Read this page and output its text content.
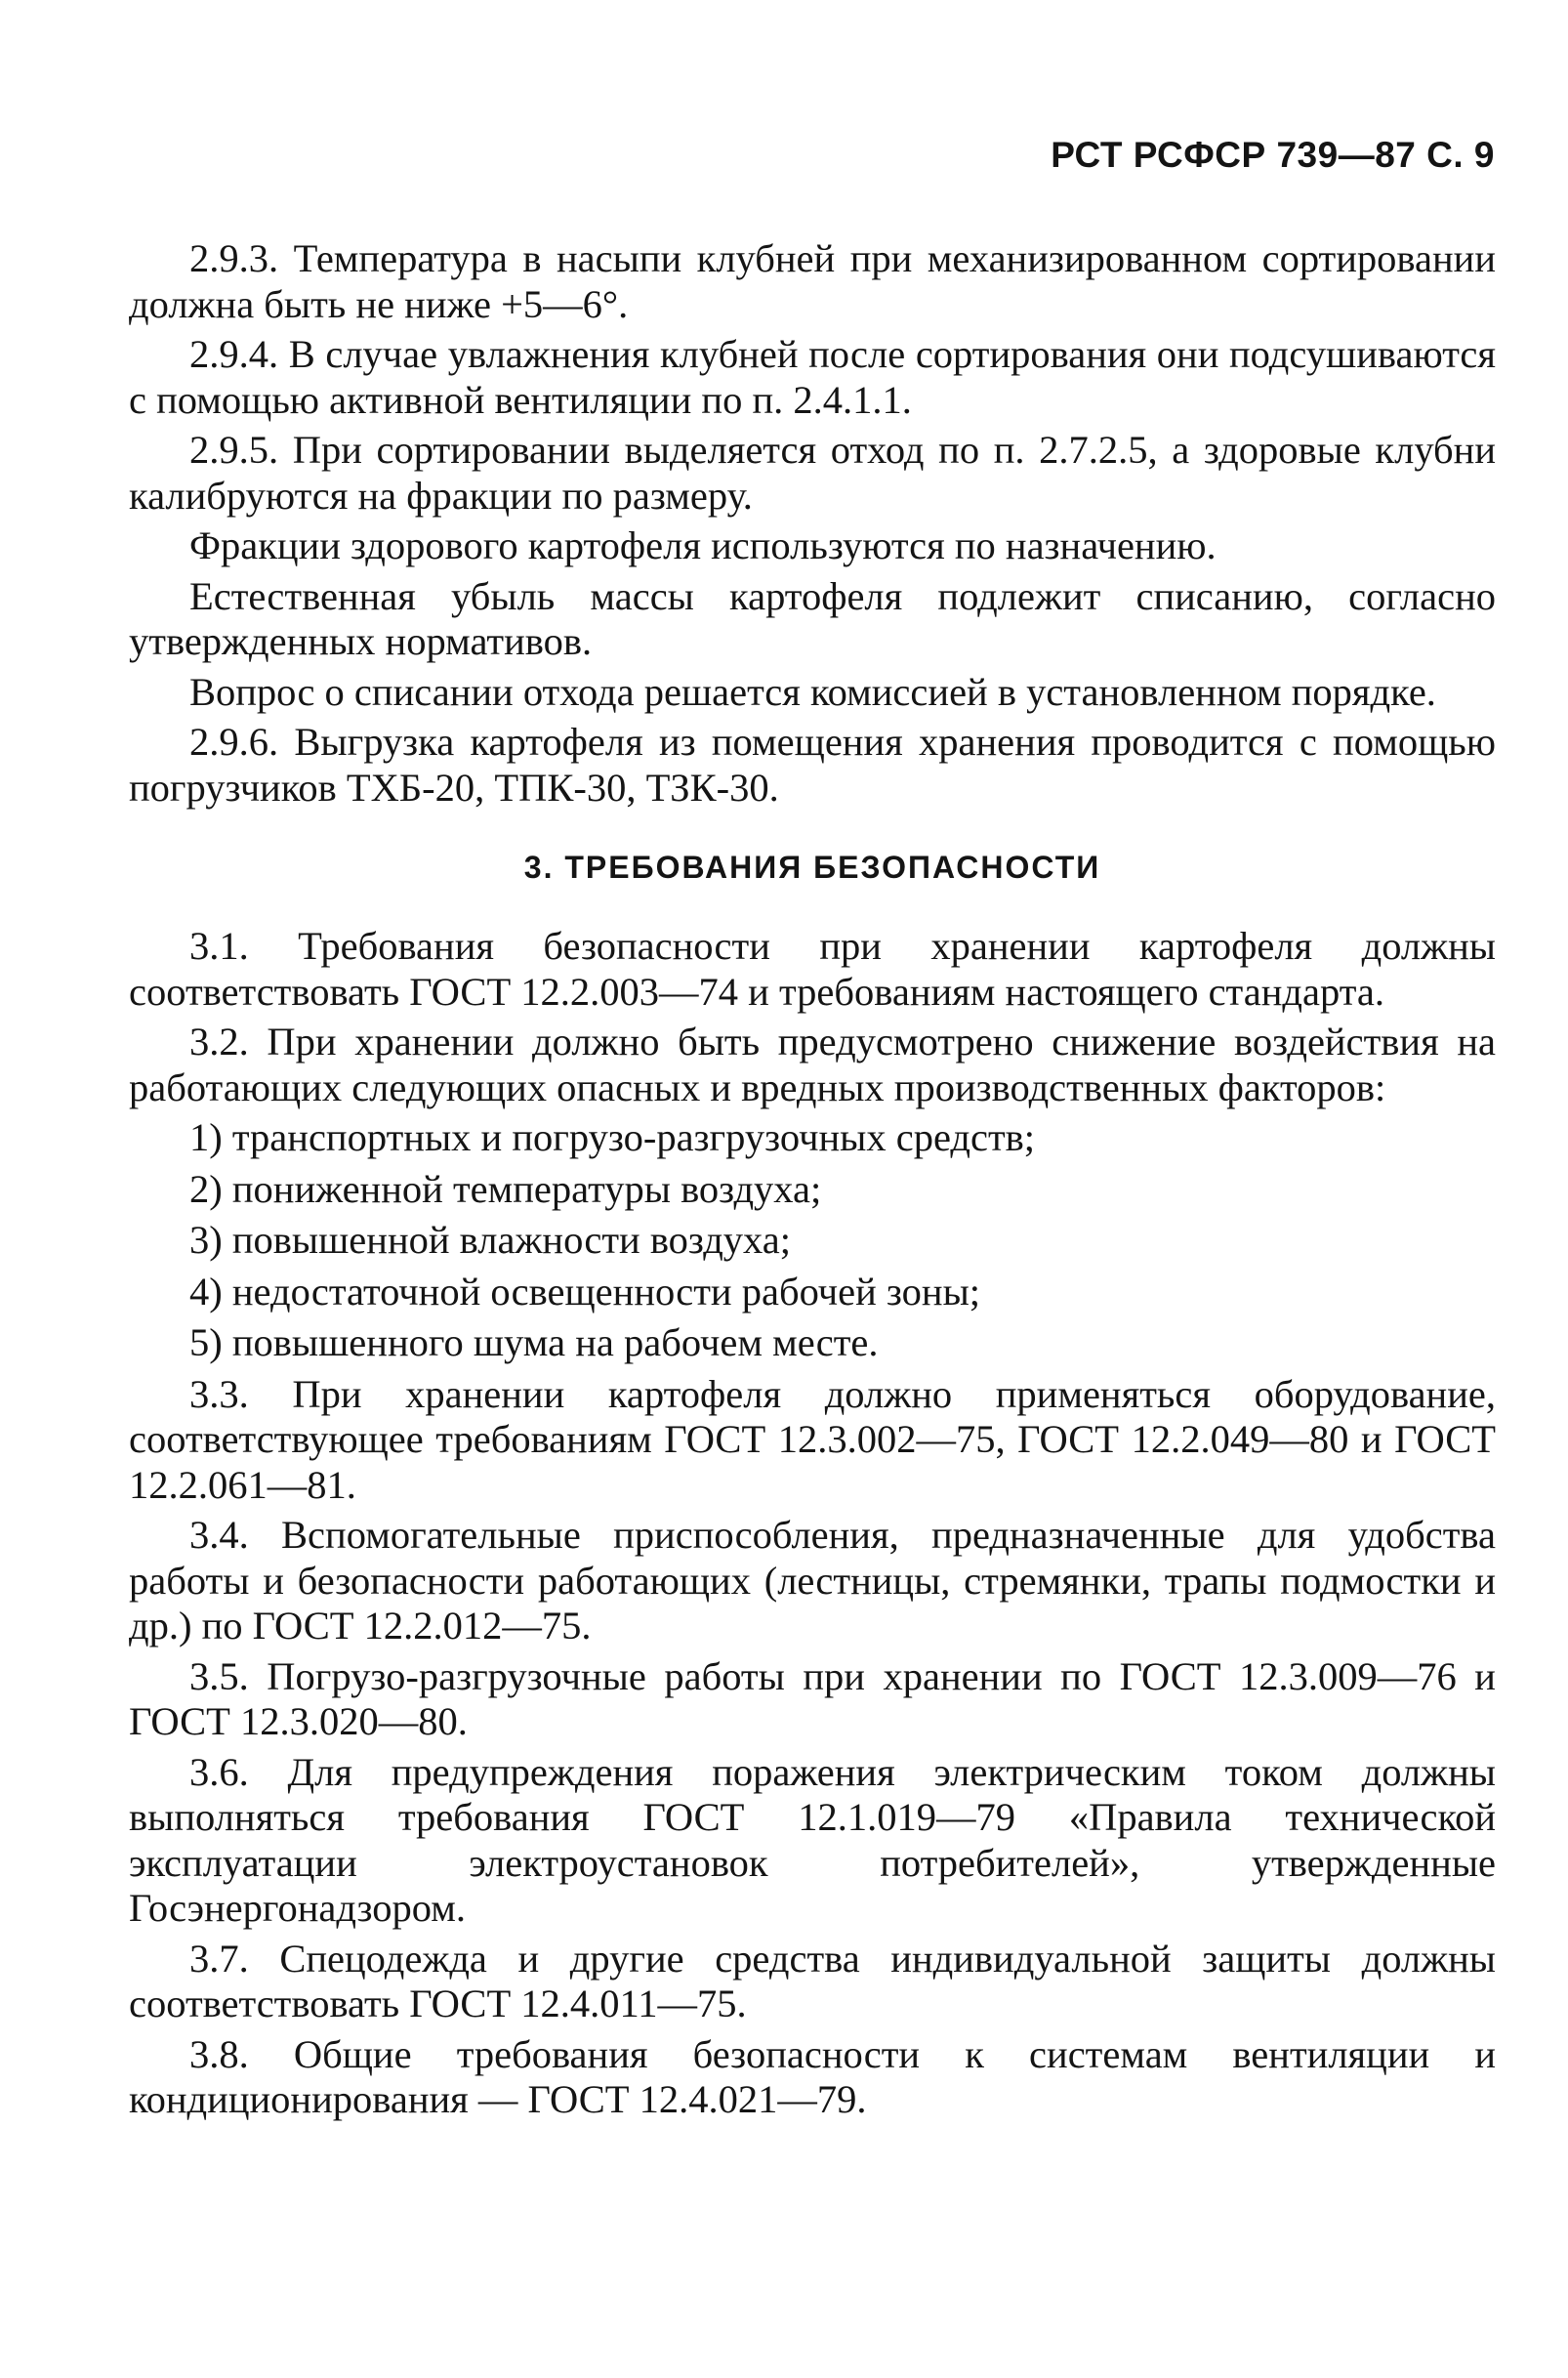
РСТ РСФСР 739—87 С. 9

2.9.3. Температура в насыпи клубней при механизированном сортировании должна быть не ниже +5—6°.

2.9.4. В случае увлажнения клубней после сортирования они подсушиваются с помощью активной вентиляции по п. 2.4.1.1.

2.9.5. При сортировании выделяется отход по п. 2.7.2.5, а здоровые клубни калибруются на фракции по размеру.

Фракции здорового картофеля используются по назначению.

Естественная убыль массы картофеля подлежит списанию, согласно утвержденных нормативов.

Вопрос о списании отхода решается комиссией в установленном порядке.

2.9.6. Выгрузка картофеля из помещения хранения проводится с помощью погрузчиков ТХБ-20, ТПК-30, ТЗК-30.

3. ТРЕБОВАНИЯ БЕЗОПАСНОСТИ

3.1. Требования безопасности при хранении картофеля должны соответствовать ГОСТ 12.2.003—74 и требованиям настоящего стандарта.

3.2. При хранении должно быть предусмотрено снижение воздействия на работающих следующих опасных и вредных производственных факторов:

1) транспортных и погрузо-разгрузочных средств;

2) пониженной температуры воздуха;

3) повышенной влажности воздуха;

4) недостаточной освещенности рабочей зоны;

5) повышенного шума на рабочем месте.

3.3. При хранении картофеля должно применяться оборудование, соответствующее требованиям ГОСТ 12.3.002—75, ГОСТ 12.2.049—80 и ГОСТ 12.2.061—81.

3.4. Вспомогательные приспособления, предназначенные для удобства работы и безопасности работающих (лестницы, стремянки, трапы подмостки и др.) по ГОСТ 12.2.012—75.

3.5. Погрузо-разгрузочные работы при хранении по ГОСТ 12.3.009—76 и ГОСТ 12.3.020—80.

3.6. Для предупреждения поражения электрическим током должны выполняться требования ГОСТ 12.1.019—79 «Правила технической эксплуатации электроустановок потребителей», утвержденные Госэнергонадзором.

3.7. Спецодежда и другие средства индивидуальной защиты должны соответствовать ГОСТ 12.4.011—75.

3.8. Общие требования безопасности к системам вентиляции и кондиционирования — ГОСТ 12.4.021—79.
